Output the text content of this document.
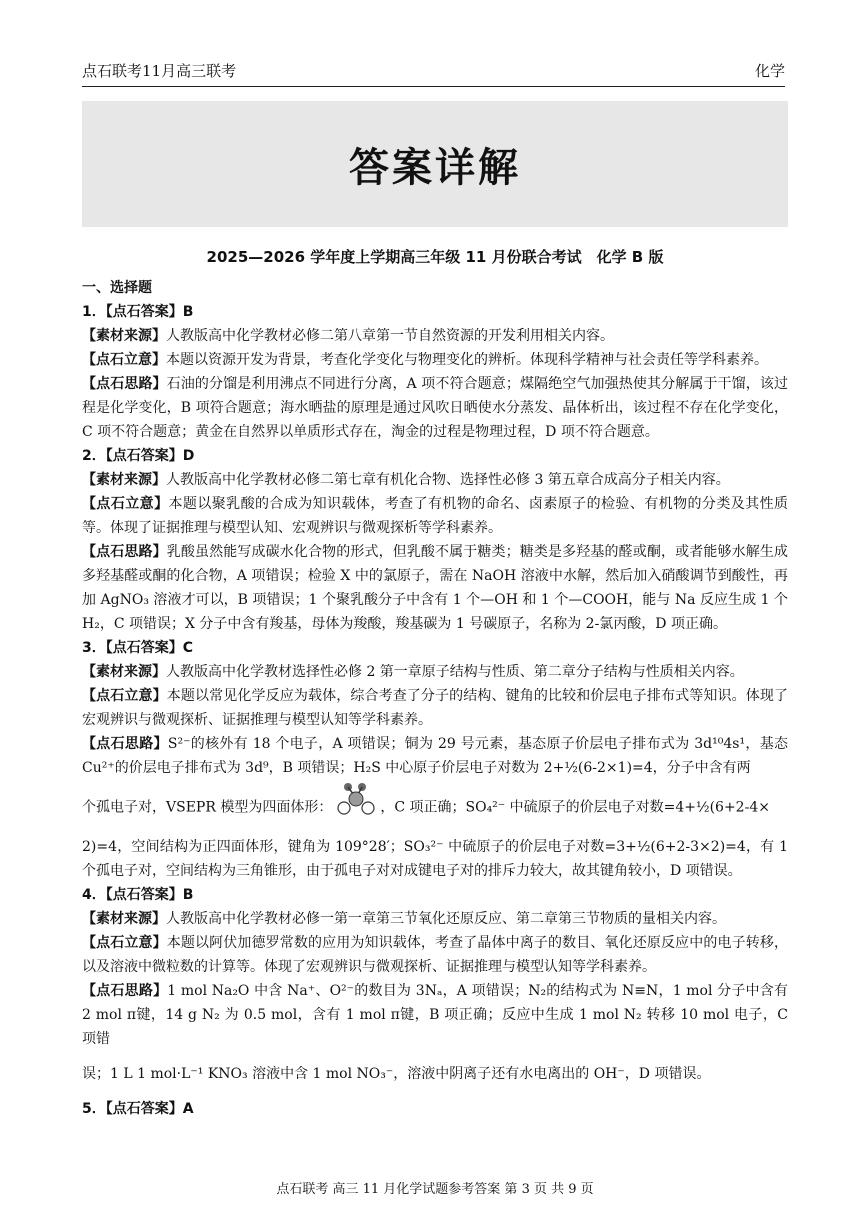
点石联考11月高三联考	化学
答案详解
2025—2026 学年度上学期高三年级 11 月份联合考试　化学 B 版

一、选择题

1．【点石答案】B

【素材来源】人教版高中化学教材必修二第八章第一节自然资源的开发利用相关内容。

【点石立意】本题以资源开发为背景，考查化学变化与物理变化的辨析。体现科学精神与社会责任等学科素养。

【点石思路】石油的分馏是利用沸点不同进行分离，A 项不符合题意；煤隔绝空气加强热使其分解属于干馏，该过程是化学变化，B 项符合题意；海水晒盐的原理是通过风吹日晒使水分蒸发、晶体析出，该过程不存在化学变化，C 项不符合题意；黄金在自然界以单质形式存在，淘金的过程是物理过程，D 项不符合题意。

2．【点石答案】D

【素材来源】人教版高中化学教材必修二第七章有机化合物、选择性必修 3 第五章合成高分子相关内容。

【点石立意】本题以聚乳酸的合成为知识载体，考查了有机物的命名、卤素原子的检验、有机物的分类及其性质等。体现了证据推理与模型认知、宏观辨识与微观探析等学科素养。

【点石思路】乳酸虽然能写成碳水化合物的形式，但乳酸不属于糖类；糖类是多羟基的醛或酮，或者能够水解生成多羟基醛或酮的化合物，A 项错误；检验 X 中的氯原子，需在 NaOH 溶液中水解，然后加入硝酸调节到酸性，再加 AgNO₃ 溶液才可以，B 项错误；1 个聚乳酸分子中含有 1 个—OH 和 1 个—COOH，能与 Na 反应生成 1 个 H₂，C 项错误；X 分子中含有羧基，母体为羧酸，羧基碳为 1 号碳原子，名称为 2-氯丙酸，D 项正确。

3．【点石答案】C

【素材来源】人教版高中化学教材选择性必修 2 第一章原子结构与性质、第二章分子结构与性质相关内容。

【点石立意】本题以常见化学反应为载体，综合考查了分子的结构、键角的比较和价层电子排布式等知识。体现了宏观辨识与微观探析、证据推理与模型认知等学科素养。

【点石思路】S²⁻的核外有 18 个电子，A 项错误；铜为 29 号元素，基态原子价层电子排布式为 3d¹⁰4s¹，基态 Cu²⁺的价层电子排布式为 3d⁹，B 项错误；H₂S 中心原子价层电子对数为 2+½(6-2×1)=4，分子中含有两

个孤电子对，VSEPR 模型为四面体形：	，C 项正确；SO₄²⁻ 中硫原子的价层电子对数=4+½(6+2-4×

2)=4，空间结构为正四面体形，键角为 109°28′；SO₃²⁻ 中硫原子的价层电子对数=3+½(6+2-3×2)=4，有 1 个孤电子对，空间结构为三角锥形，由于孤电子对对成键电子对的排斥力较大，故其键角较小，D 项错误。

4．【点石答案】B

【素材来源】人教版高中化学教材必修一第一章第三节氧化还原反应、第二章第三节物质的量相关内容。

【点石立意】本题以阿伏加德罗常数的应用为知识载体，考查了晶体中离子的数目、氧化还原反应中的电子转移，以及溶液中微粒数的计算等。体现了宏观辨识与微观探析、证据推理与模型认知等学科素养。

【点石思路】1 mol Na₂O 中含 Na⁺、O²⁻的数目为 3Nₐ，A 项错误；N₂的结构式为 N≡N，1 mol 分子中含有 2 mol π键，14 g N₂ 为 0.5 mol，含有 1 mol π键，B 项正确；反应中生成 1 mol N₂ 转移 10 mol 电子，C 项错

误；1 L 1 mol·L⁻¹ KNO₃ 溶液中含 1 mol NO₃⁻，溶液中阴离子还有水电离出的 OH⁻，D 项错误。

5．【点石答案】A

点石联考 高三 11 月化学试题参考答案 第 3 页 共 9 页
